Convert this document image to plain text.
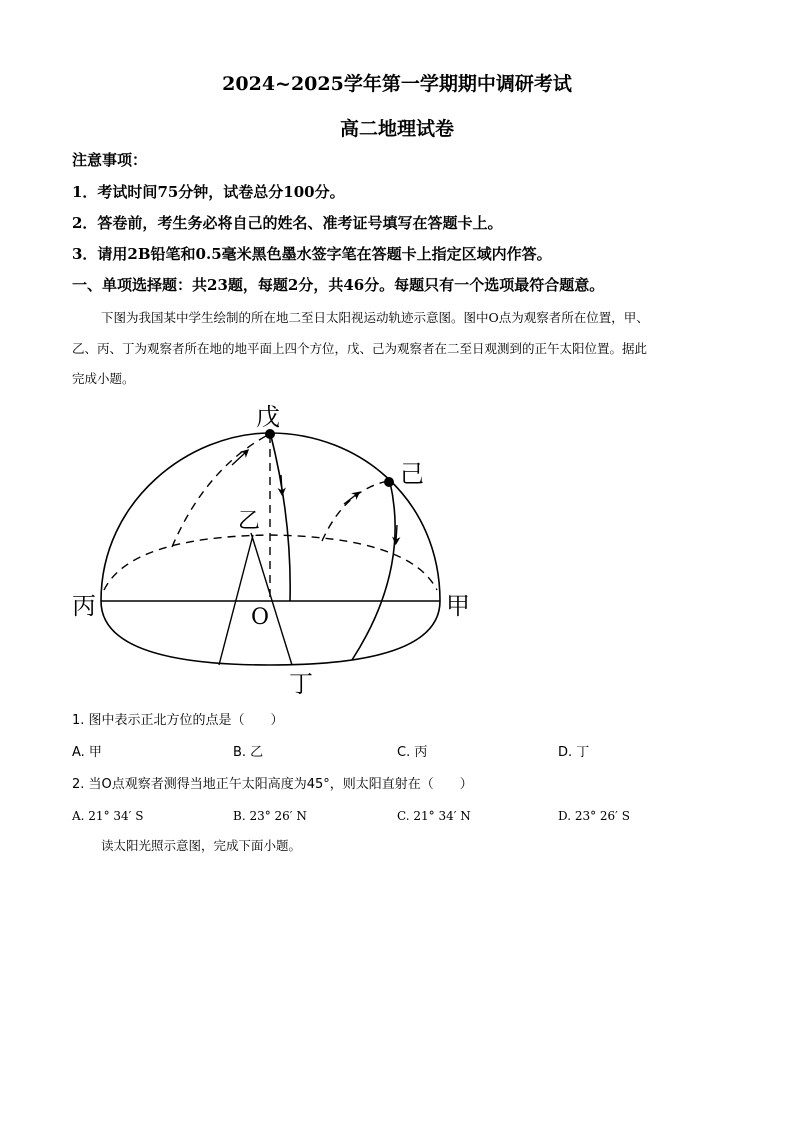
2024~2025学年第一学期期中调研考试
高二地理试卷
注意事项：
1．考试时间75分钟，试卷总分100分。
2．答卷前，考生务必将自己的姓名、准考证号填写在答题卡上。
3．请用2B铅笔和0.5毫米黑色墨水签字笔在答题卡上指定区域内作答。
一、单项选择题：共23题，每题2分，共46分。每题只有一个选项最符合题意。
下图为我国某中学生绘制的所在地二至日太阳视运动轨迹示意图。图中O点为观察者所在位置，甲、
乙、丙、丁为观察者所在地的地平面上四个方位，戊、己为观察者在二至日观测到的正午太阳位置。据此
完成小题。
戊
己
乙
丙	甲
O
丁
1. 图中表示正北方位的点是（　　）
A. 甲	B. 乙	C. 丙	D. 丁
2. 当O点观察者测得当地正午太阳高度为45°，则太阳直射在（　　）
A. 21° 34′ S	B. 23° 26′ N	C. 21° 34′ N	D. 23° 26′ S
读太阳光照示意图，完成下面小题。
